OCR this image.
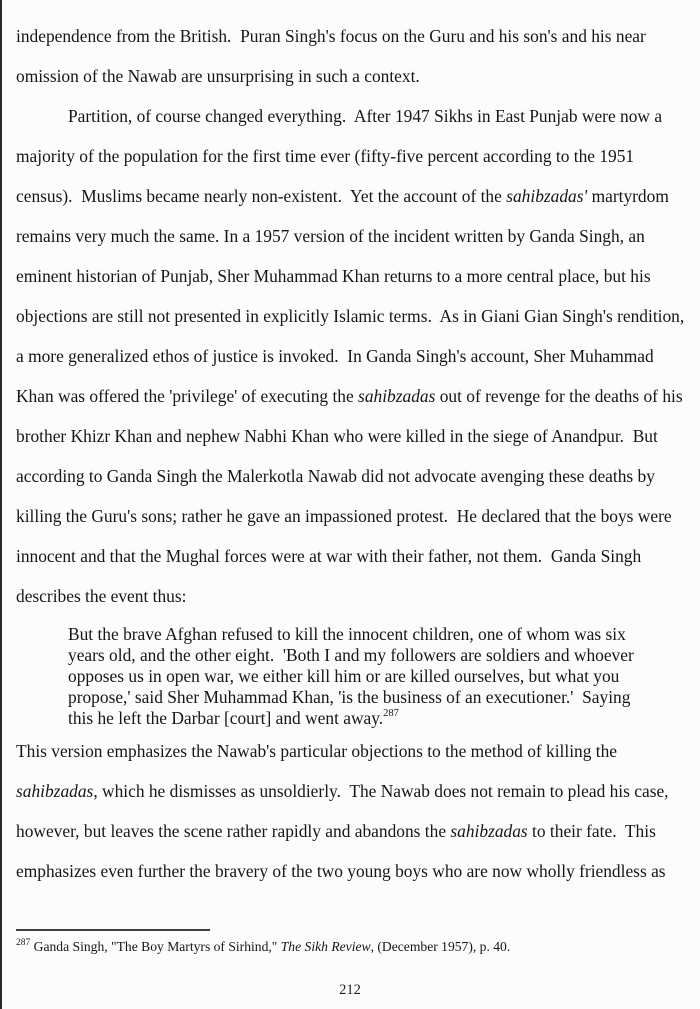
independence from the British.  Puran Singh's focus on the Guru and his son's and his near omission of the Nawab are unsurprising in such a context.

Partition, of course changed everything.  After 1947 Sikhs in East Punjab were now a majority of the population for the first time ever (fifty-five percent according to the 1951 census).  Muslims became nearly non-existent.  Yet the account of the sahibzadas' martyrdom remains very much the same. In a 1957 version of the incident written by Ganda Singh, an eminent historian of Punjab, Sher Muhammad Khan returns to a more central place, but his objections are still not presented in explicitly Islamic terms.  As in Giani Gian Singh's rendition, a more generalized ethos of justice is invoked.  In Ganda Singh's account, Sher Muhammad Khan was offered the 'privilege' of executing the sahibzadas out of revenge for the deaths of his brother Khizr Khan and nephew Nabhi Khan who were killed in the siege of Anandpur.  But according to Ganda Singh the Malerkotla Nawab did not advocate avenging these deaths by killing the Guru's sons; rather he gave an impassioned protest.  He declared that the boys were innocent and that the Mughal forces were at war with their father, not them.  Ganda Singh describes the event thus:

But the brave Afghan refused to kill the innocent children, one of whom was six years old, and the other eight.  'Both I and my followers are soldiers and whoever opposes us in open war, we either kill him or are killed ourselves, but what you propose,' said Sher Muhammad Khan, 'is the business of an executioner.'  Saying this he left the Darbar [court] and went away.$^{287}$

This version emphasizes the Nawab's particular objections to the method of killing the sahibzadas, which he dismisses as unsoldierly.  The Nawab does not remain to plead his case, however, but leaves the scene rather rapidly and abandons the sahibzadas to their fate.  This emphasizes even further the bravery of the two young boys who are now wholly friendless as

$^{287}$ Ganda Singh, "The Boy Martyrs of Sirhind," The Sikh Review, (December 1957), p. 40.

212
